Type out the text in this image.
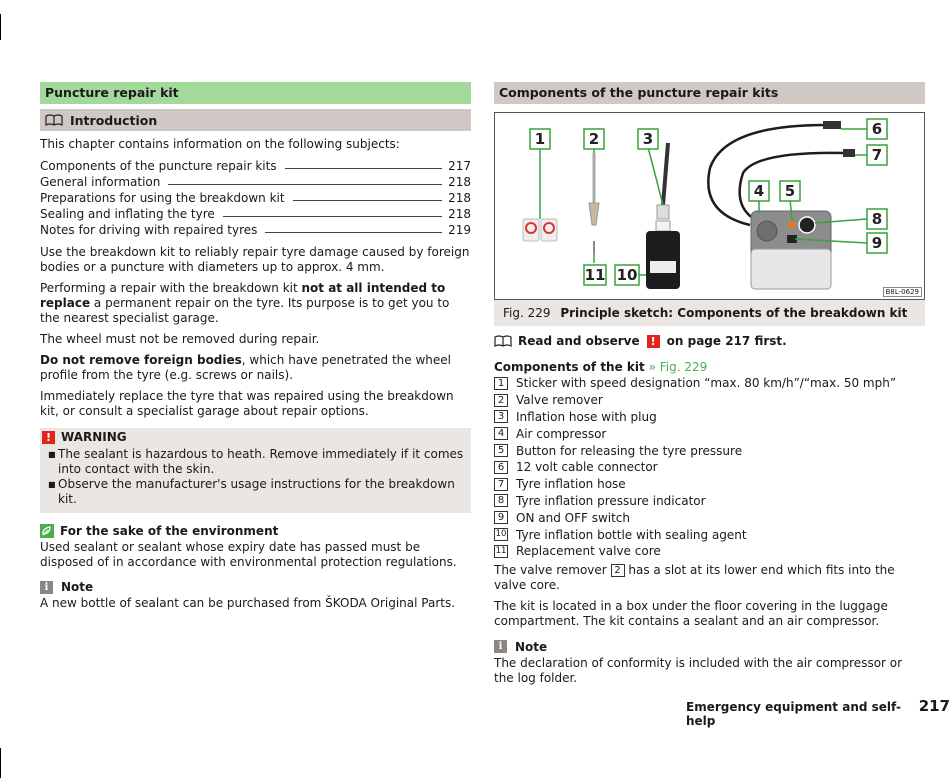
Puncture repair kit
Introduction

This chapter contains information on the following subjects:

Components of the puncture repair kits	217
General information	218
Preparations for using the breakdown kit	218
Sealing and inflating the tyre	218
Notes for driving with repaired tyres	219

Use the breakdown kit to reliably repair tyre damage caused by foreign bodies or a puncture with diameters up to approx. 4 mm.

Performing a repair with the breakdown kit not at all intended to replace a permanent repair on the tyre. Its purpose is to get you to the nearest specialist garage.

The wheel must not be removed during repair.

Do not remove foreign bodies, which have penetrated the wheel profile from the tyre (e.g. screws or nails).

Immediately replace the tyre that was repaired using the breakdown kit, or consult a specialist garage about repair options.

! WARNING
■ The sealant is hazardous to heath. Remove immediately if it comes into contact with the skin.
■ Observe the manufacturer's usage instructions for the breakdown kit.
For the sake of the environment

Used sealant or sealant whose expiry date has passed must be disposed of in accordance with environmental protection regulations.

i	Note

A new bottle of sealant can be purchased from ŠKODA Original Parts.

Components of the puncture repair kits
1	2	3
4 5
6
7
8
9
10
11
B8L-0629
Fig. 229 Principle sketch: Components of the breakdown kit
Read and observe ! on page 217 first.
Components of the kit » Fig. 229
1 Sticker with speed designation “max. 80 km/h”/“max. 50 mph”
2 Valve remover
3 Inflation hose with plug
4 Air compressor
5 Button for releasing the tyre pressure
6 12 volt cable connector
7 Tyre inflation hose
8 Tyre inflation pressure indicator
9 ON and OFF switch
10 Tyre inflation bottle with sealing agent
11 Replacement valve core

The valve remover 2 has a slot at its lower end which fits into the valve core.

The kit is located in a box under the floor covering in the luggage compartment. The kit contains a sealant and an air compressor.

i	Note

The declaration of conformity is included with the air compressor or the log folder.

Emergency equipment and self-help
217
